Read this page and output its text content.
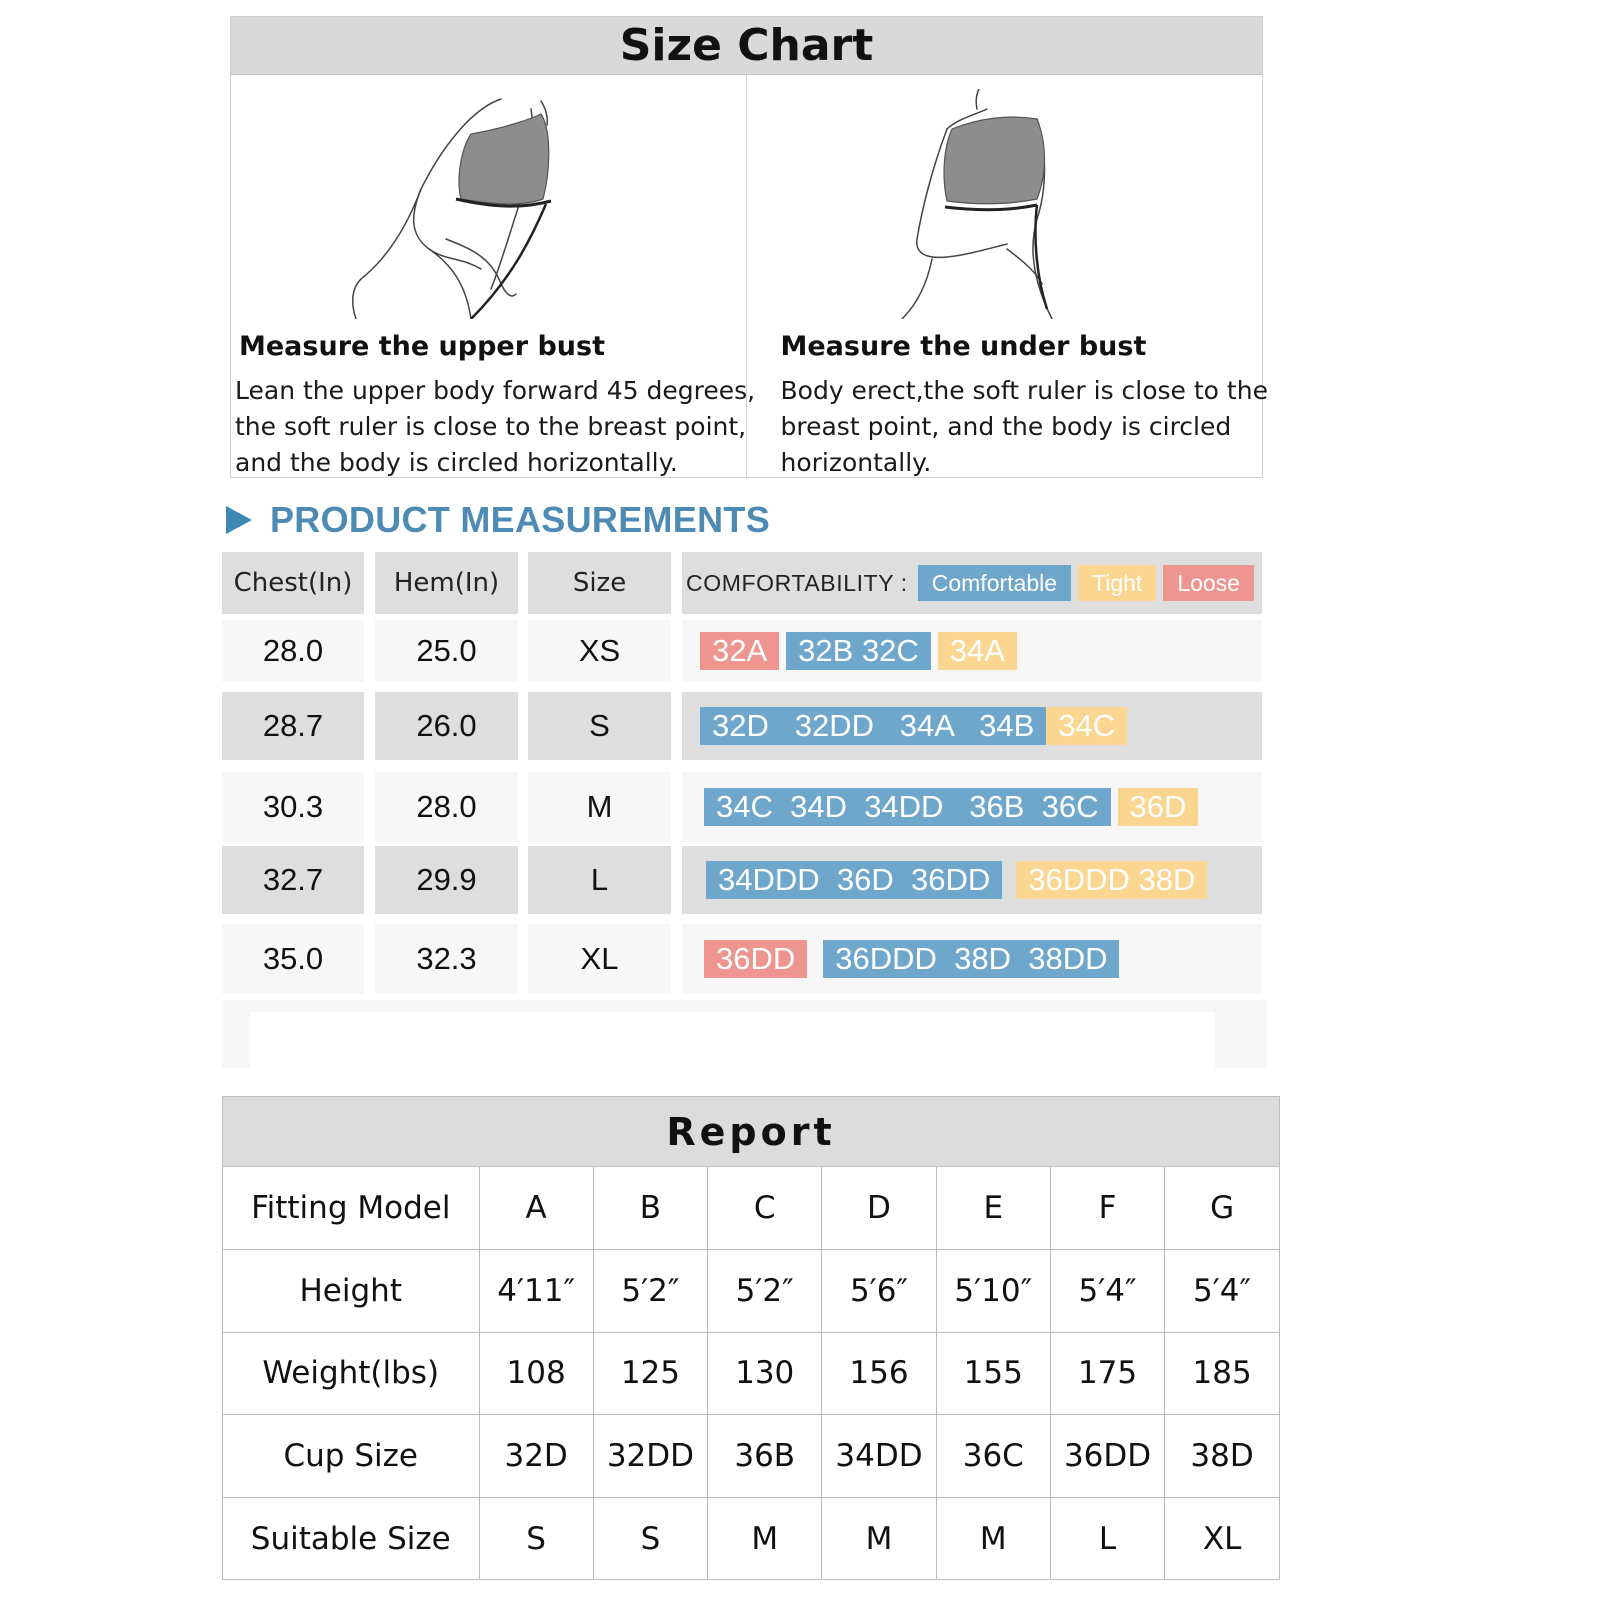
Size Chart
Measure the upper bust
Lean the upper body forward 45 degrees,
the soft ruler is close to the breast point,
and the body is circled horizontally.
Measure the under bust
Body erect,the soft ruler is close to the
breast point, and the body is circled
horizontally.
PRODUCT MEASUREMENTS
Chest(In)	Hem(In)	Size	COMFORTABILITY :	Comfortable	Tight	Loose
28.0	25.0	XS	32A	32B 32C	34A
28.7	26.0	S	32D   32DD   34A   34B 34C
30.3	28.0	M	34C  34D  34DD   36B  36C	36D
32.7	29.9	L	34DDD  36D  36DD	36DDD 38D
35.0	32.3	XL	36DD	36DDD  38D  38DD
Report
Fitting Model	A	B	C	D	E	F	G
Height	4′11″	5′2″	5′2″	5′6″	5′10″	5′4″	5′4″
Weight(lbs)	108	125	130	156	155	175	185
Cup Size	32D	32DD	36B	34DD	36C	36DD	38D
Suitable Size	S	S	M	M	M	L	XL
